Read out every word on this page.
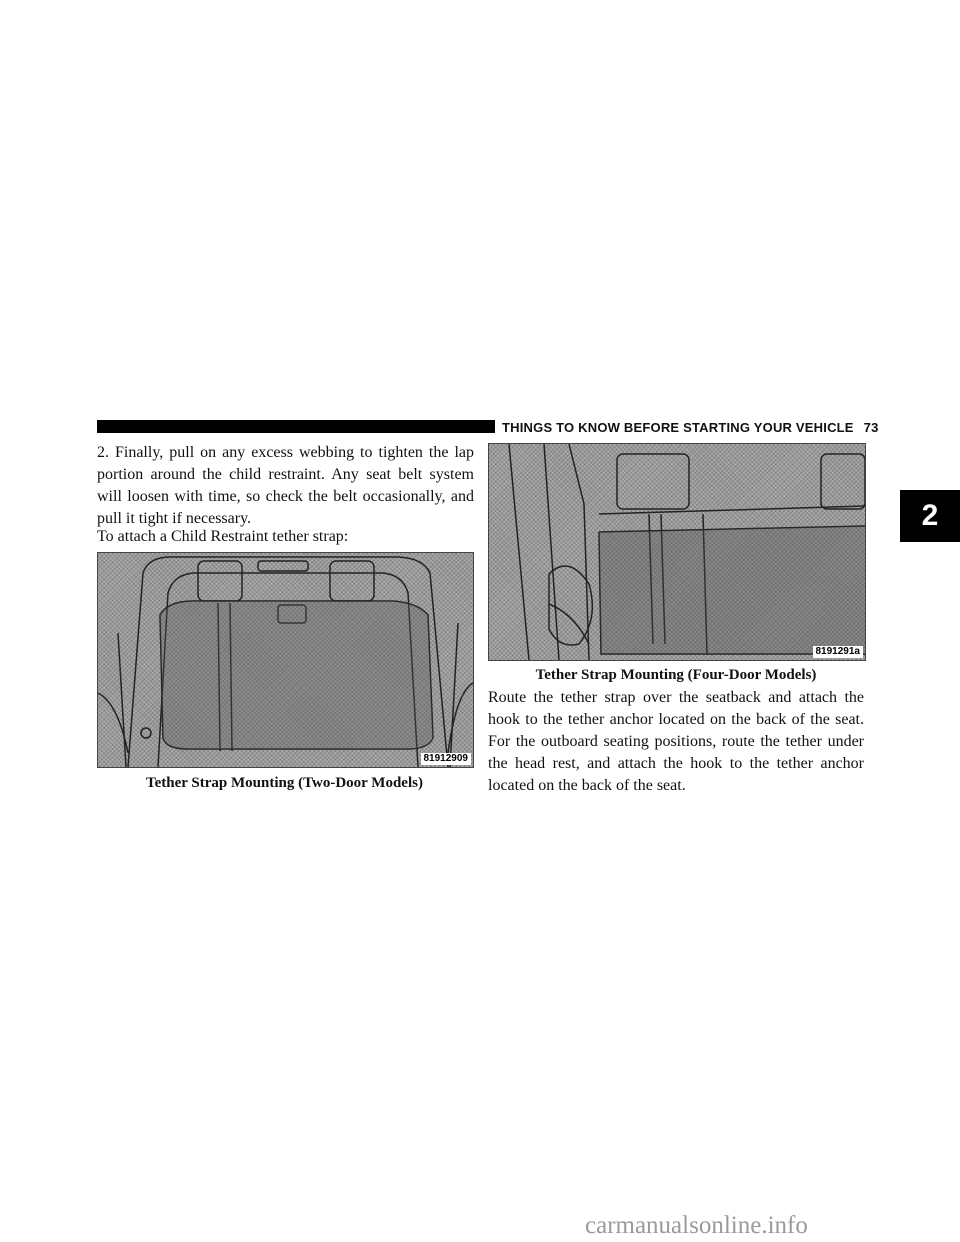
THINGS TO KNOW BEFORE STARTING YOUR VEHICLE 73
2

2. Finally, pull on any excess webbing to tighten the lap portion around the child restraint. Any seat belt system will loosen with time, so check the belt occasionally, and pull it tight if necessary.

To attach a Child Restraint tether strap:

81912909
Tether Strap Mounting (Two-Door Models)
8191291a
Tether Strap Mounting (Four-Door Models)

Route the tether strap over the seatback and attach the hook to the tether anchor located on the back of the seat. For the outboard seating positions, route the tether under the head rest, and attach the hook to the tether anchor located on the back of the seat.

carmanualsonline.info
